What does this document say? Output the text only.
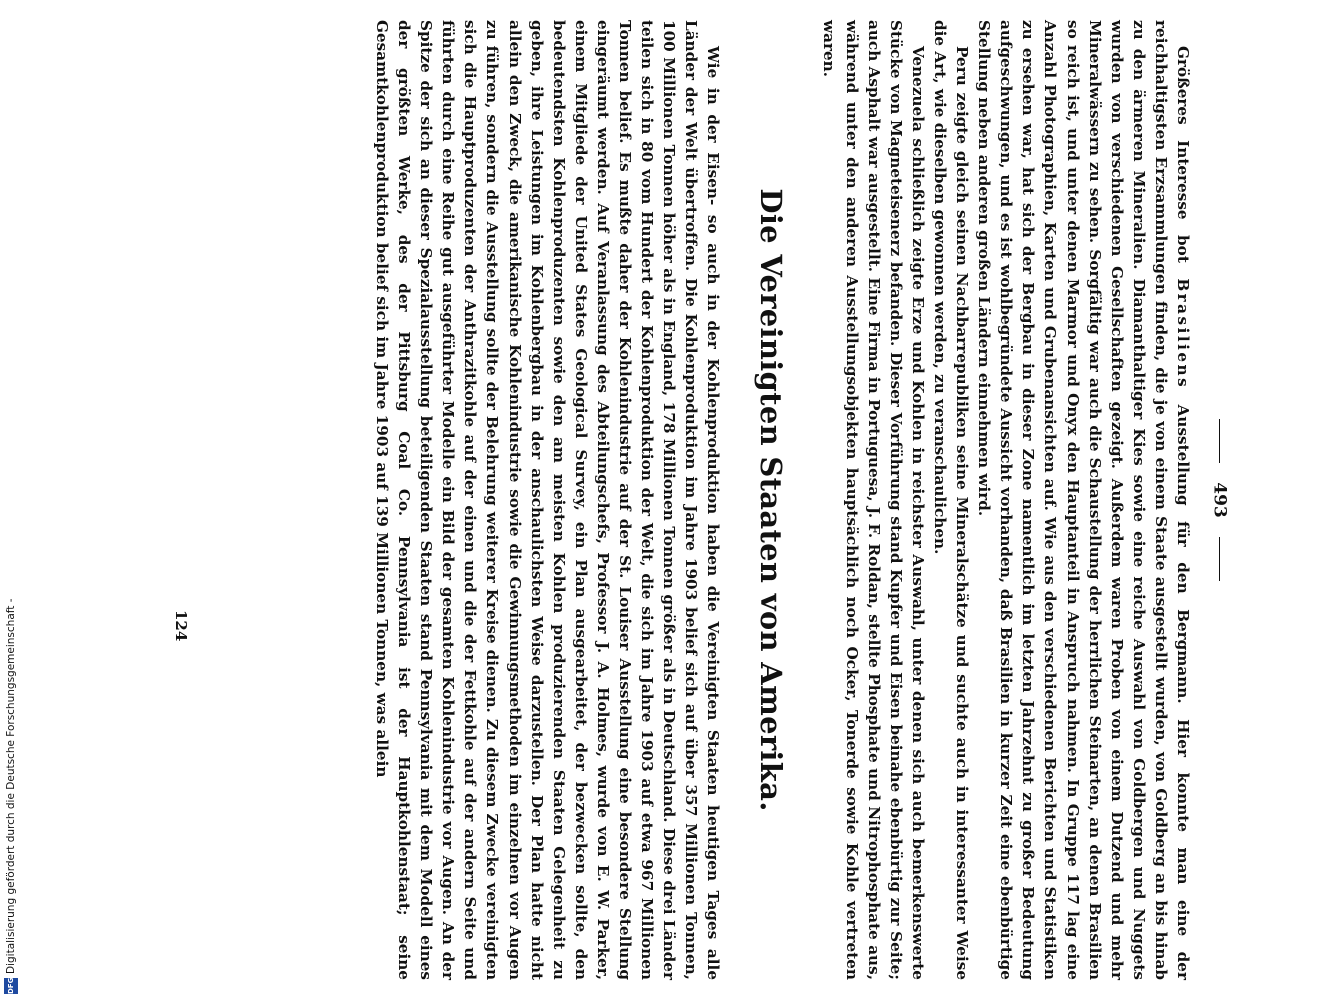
493

Größeres Interesse bot Brasiliens Ausstellung für den Bergmann. Hier konnte man eine der reichhaltigsten Erzsammlungen finden, die je von einem Staate ausgestellt wurden, von Goldberg an bis hinab zu den ärmeren Mineralien. Diamanthaltiger Kies sowie eine reiche Auswahl von Goldbergen und Nuggets wurden von verschiedenen Gesellschaften gezeigt. Außerdem waren Proben von einem Dutzend und mehr Mineralwässern zu sehen. Sorgfältig war auch die Schaustellung der herrlichen Steinarten, an denen Brasilien so reich ist, und unter denen Marmor und Onyx den Hauptanteil in Anspruch nahmen. In Gruppe 117 lag eine Anzahl Photographien, Karten und Grubenansichten auf. Wie aus den verschiedenen Berichten und Statistiken zu ersehen war, hat sich der Bergbau in dieser Zone namentlich im letzten Jahrzehnt zu großer Bedeutung aufgeschwungen, und es ist wohlbegründete Aussicht vorhanden, daß Brasilien in kurzer Zeit eine ebenbürtige Stellung neben anderen großen Ländern einnehmen wird.

Peru zeigte gleich seinen Nachbarrepubliken seine Mineralschätze und suchte auch in interessanter Weise die Art, wie dieselben gewonnen werden, zu veranschaulichen.

Venezuela schließlich zeigte Erze und Kohlen in reichster Auswahl, unter denen sich auch bemerkenswerte Stücke von Magneteisenerz befanden. Dieser Vorführung stand Kupfer und Eisen beinahe ebenbürtig zur Seite; auch Asphalt war ausgestellt. Eine Firma in Portuguesa, J. F. Roldan, stellte Phosphate und Nitrophosphate aus, während unter den anderen Ausstellungsobjekten hauptsächlich noch Ocker, Tonerde sowie Kohle vertreten waren.

Die Vereinigten Staaten von Amerika.

Wie in der Eisen- so auch in der Kohlenproduktion haben die Vereinigten Staaten heutigen Tages alle Länder der Welt übertroffen. Die Kohlenproduktion im Jahre 1903 belief sich auf über 357 Millionen Tonnen, 100 Millionen Tonnen höher als in England, 178 Millionen Tonnen größer als in Deutschland. Diese drei Länder teilen sich in 80 vom Hundert der Kohlenproduktion der Welt, die sich im Jahre 1903 auf etwa 967 Millionen Tonnen belief. Es mußte daher der Kohlenindustrie auf der St. Louiser Ausstellung eine besondere Stellung eingeräumt werden. Auf Veranlassung des Abteilungschefs, Professor J. A. Holmes, wurde von E. W. Parker, einem Mitgliede der United States Geological Survey, ein Plan ausgearbeitet, der bezwecken sollte, den bedeutendsten Kohlenproduzenten sowie den am meisten Kohlen produzierenden Staaten Gelegenheit zu geben, ihre Leistungen im Kohlenbergbau in der anschaulichsten Weise darzustellen. Der Plan hatte nicht allein den Zweck, die amerikanische Kohlenindustrie sowie die Gewinnungsmethoden im einzelnen vor Augen zu führen, sondern die Ausstellung sollte der Belehrung weiterer Kreise dienen. Zu diesem Zwecke vereinigten sich die Hauptproduzenten der Anthrazitkohle auf der einen und die der Fettkohle auf der andern Seite und führten durch eine Reihe gut ausgeführter Modelle ein Bild der gesamten Kohlenindustrie vor Augen. An der Spitze der sich an dieser Spezialausstellung beteiligenden Staaten stand Pennsylvania mit dem Modell eines der größten Werke, des der Pittsburg Coal Co. Pennsylvania ist der Hauptkohlenstaat; seine Gesamtkohlenproduktion belief sich im Jahre 1903 auf 139 Millionen Tonnen, was allein

124
DFG
Digitalisierung gefördert durch die Deutsche Forschungsgemeinschaft -
